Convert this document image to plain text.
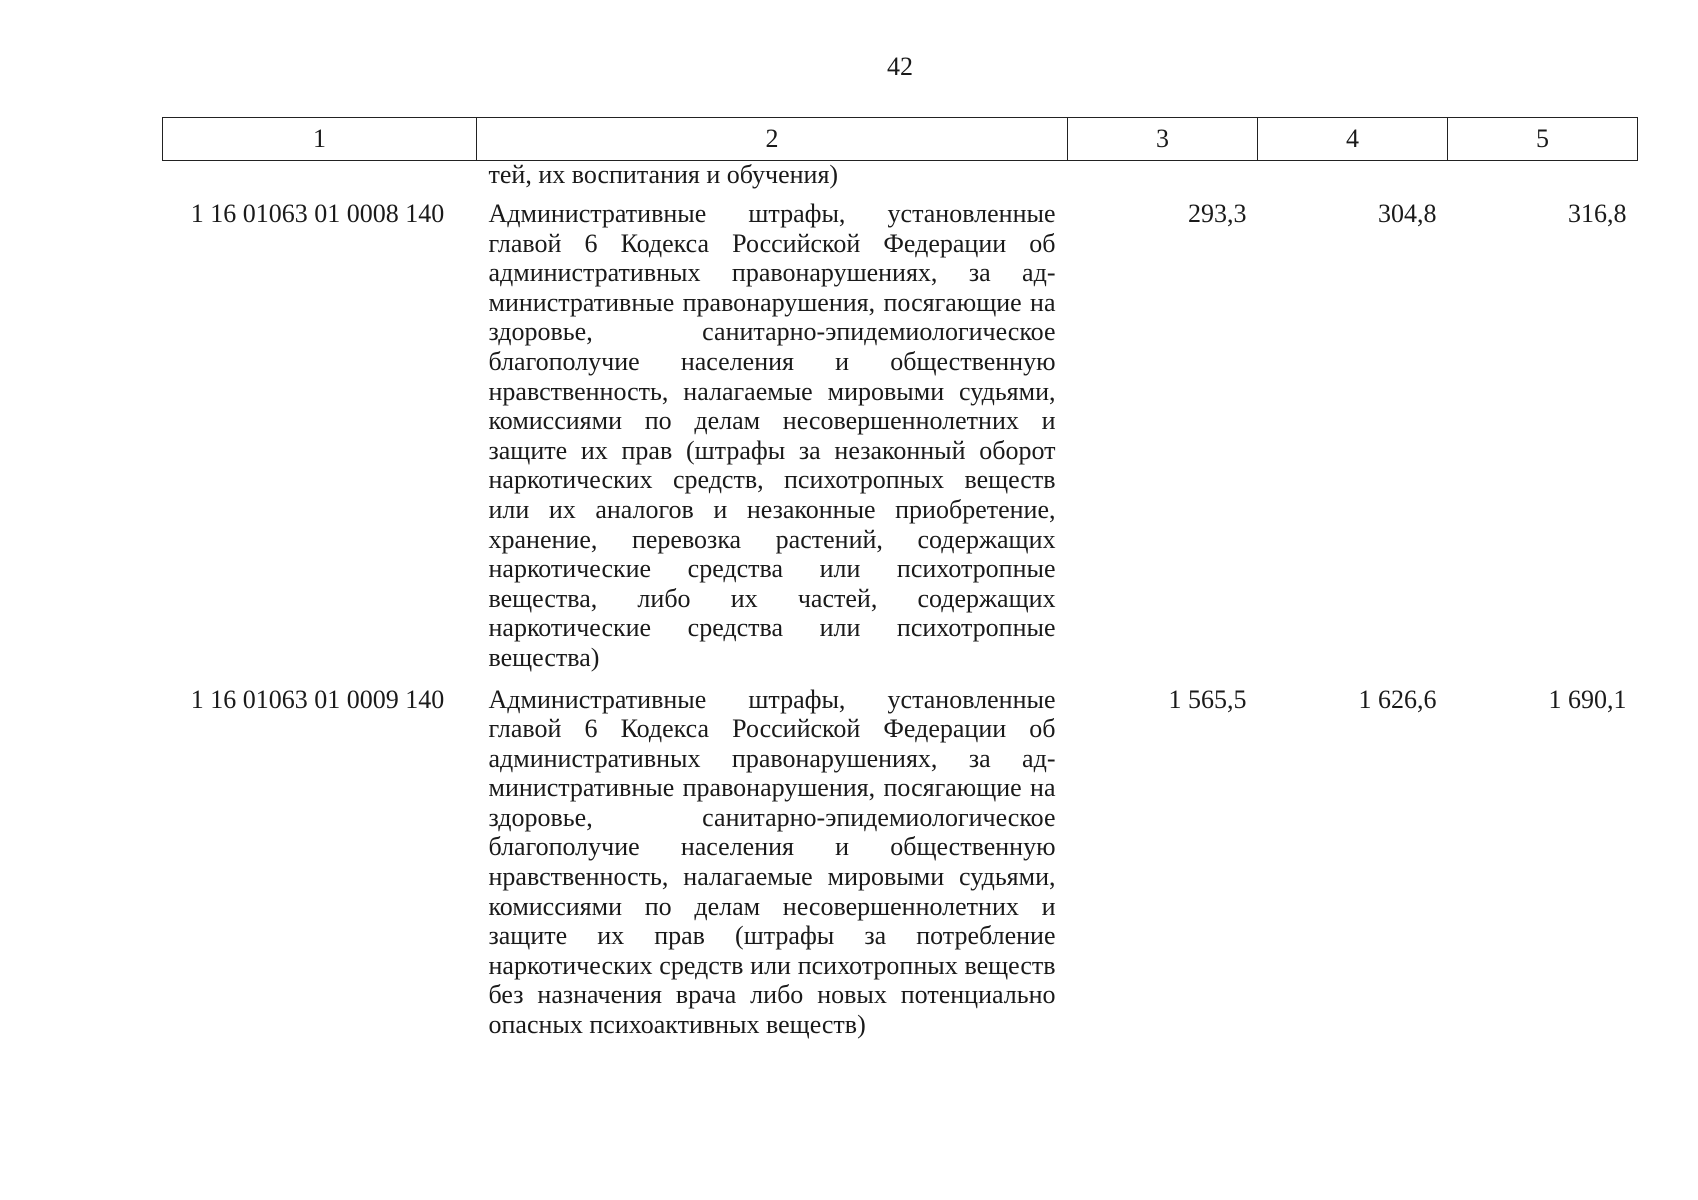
42
1	2	3	4	5
	тей, их воспитания и обучения)			
1 16 01063 01 0008 140	Административные штрафы, установленные главой 6 Кодекса Российской Федерации об административных правонарушениях, за административные правонарушения, посягающие на здоровье, санитарно-эпидемиологическое благополучие населения и общественную нравственность, налагаемые мировыми судьями, комиссиями по делам несовершеннолетних и защите их прав (штрафы за незаконный оборот наркотических средств, психотропных веществ или их аналогов и незаконные приобретение, хранение, перевозка растений, содержащих наркотические средства или психотропные вещества, либо их частей, содержащих наркотические средства или психотропные вещества)	293,3	304,8	316,8
1 16 01063 01 0009 140	Административные штрафы, установленные главой 6 Кодекса Российской Федерации об административных правонарушениях, за административные правонарушения, посягающие на здоровье, санитарно-эпидемиологическое благополучие населения и общественную нравственность, налагаемые мировыми судьями, комиссиями по делам несовершеннолетних и защите их прав (штрафы за потребление наркотических средств или психотропных веществ без назначения врача либо новых потенциально опасных психоактивных веществ)	1 565,5	1 626,6	1 690,1
